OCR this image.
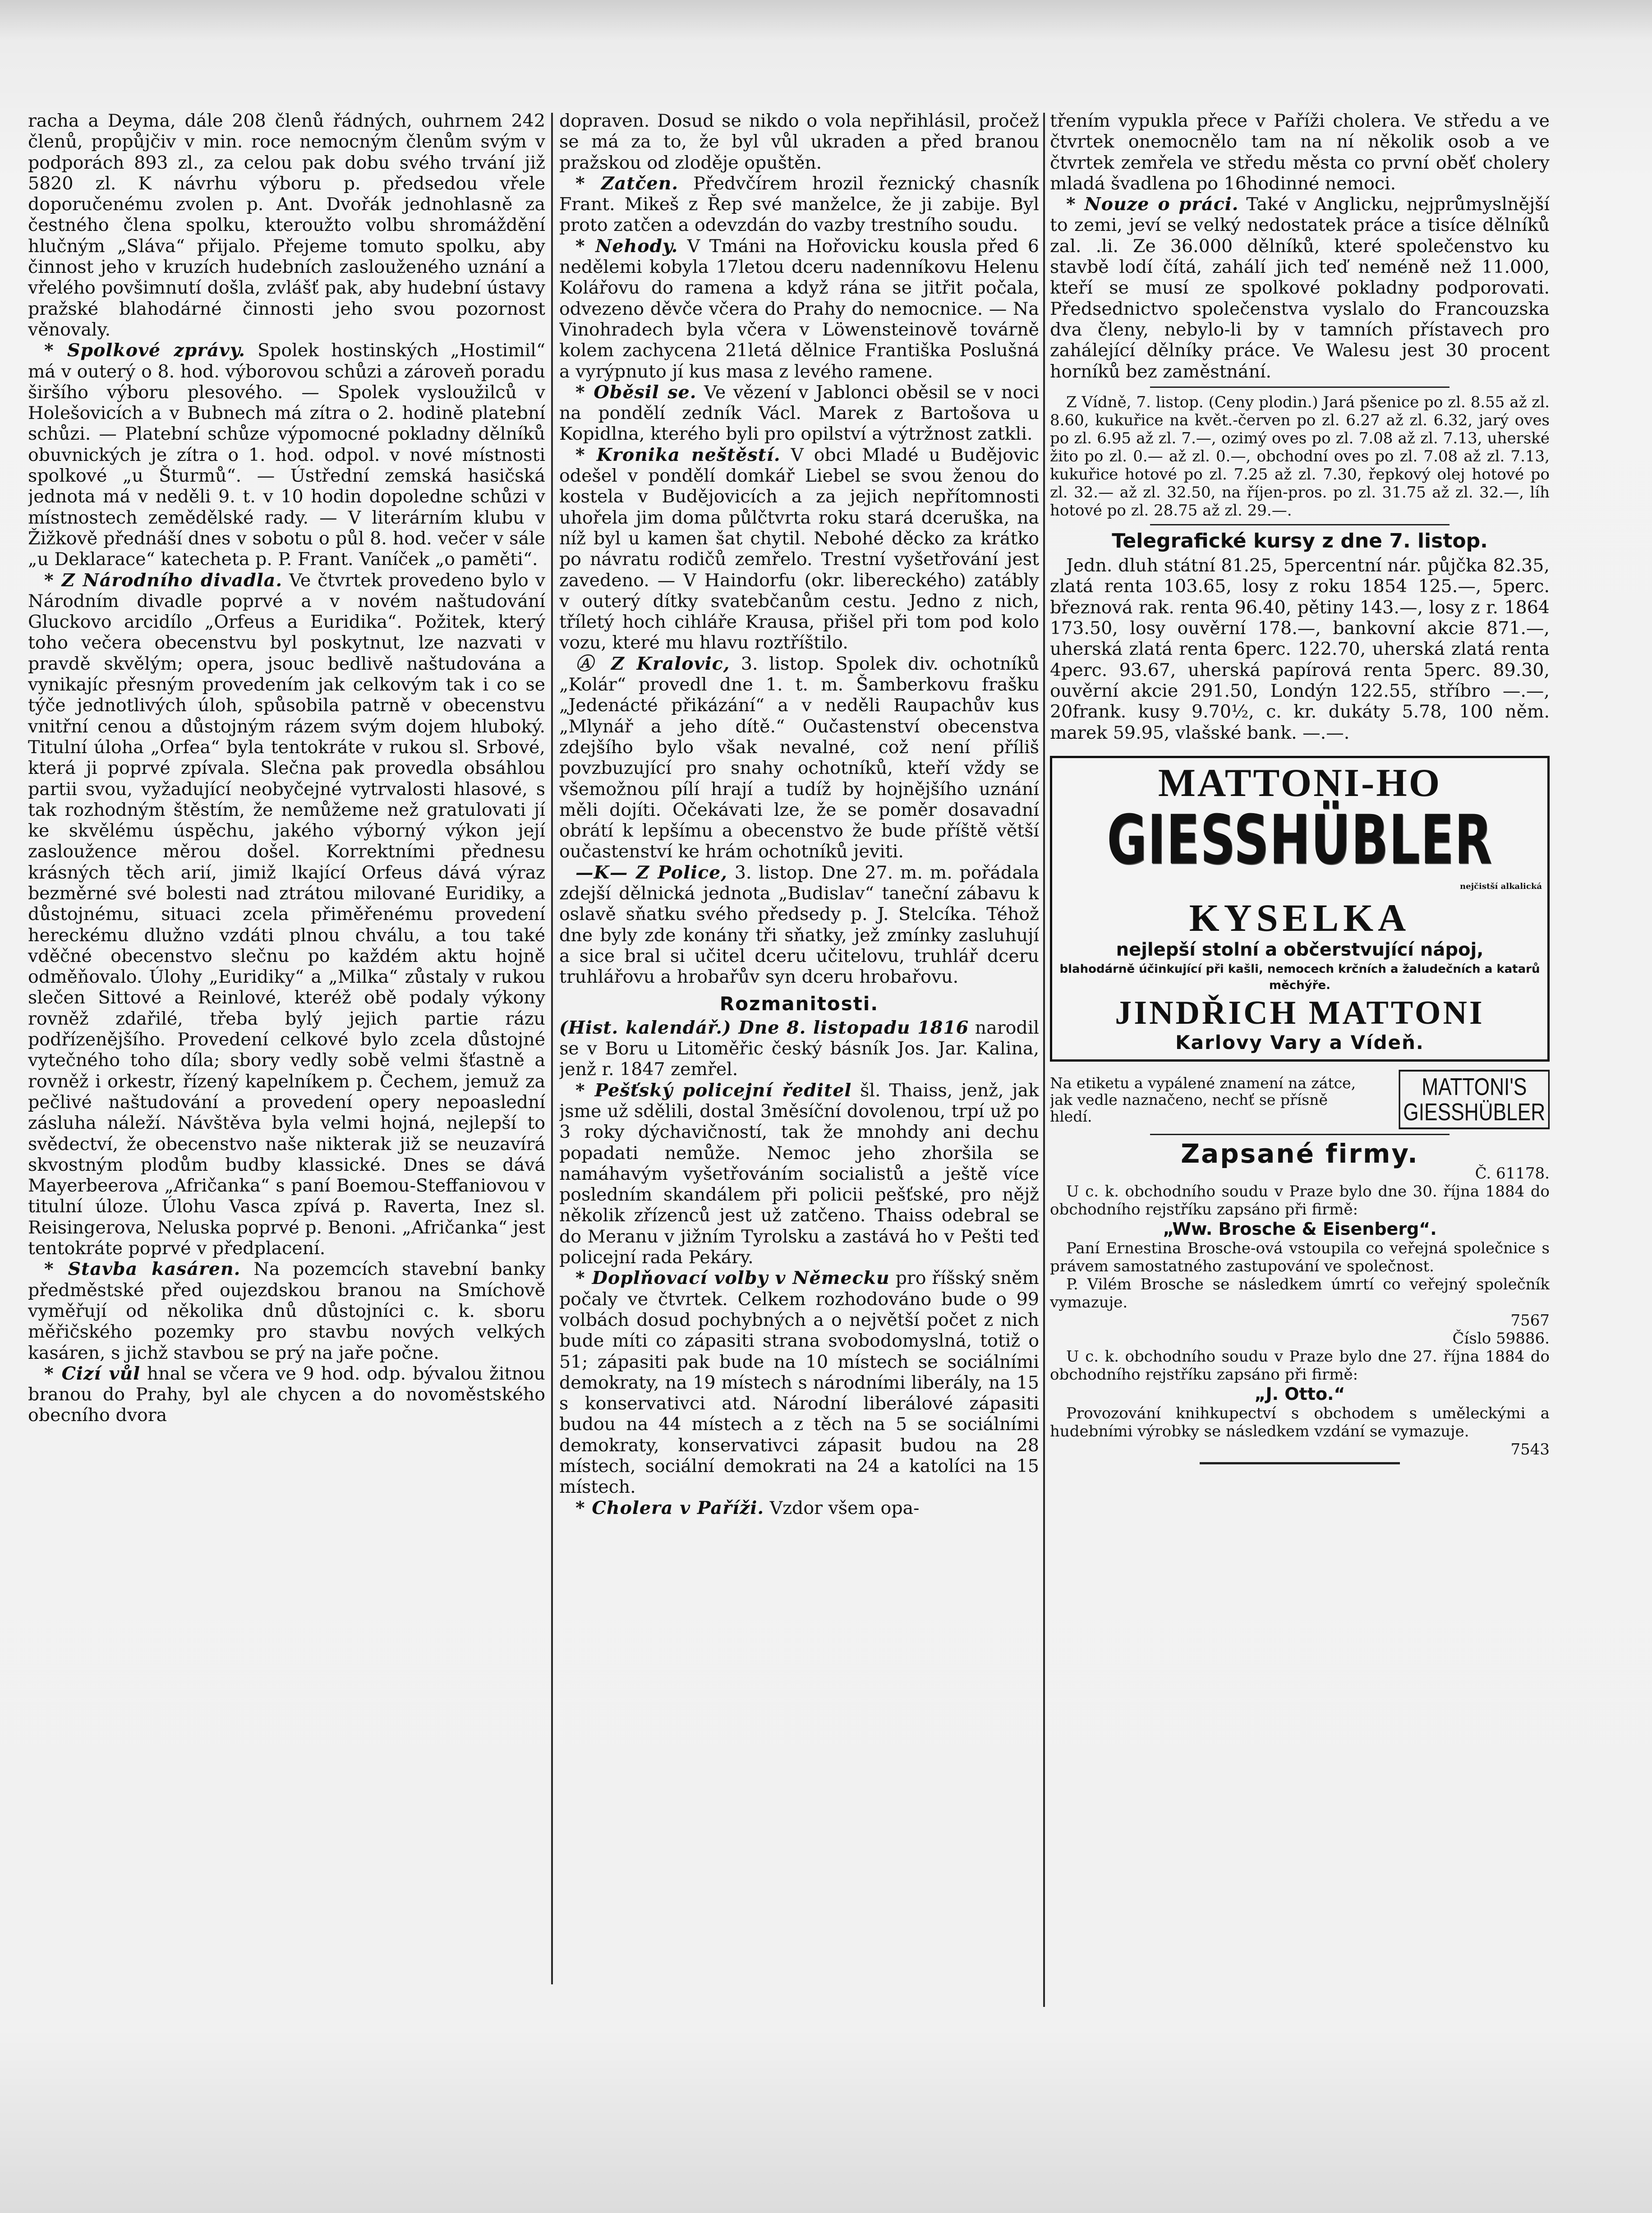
racha a Deyma, dále 208 členů řádných, ouhrnem 242 členů, propůjčiv v min. roce nemocným členům svým v podporách 893 zl., za celou pak dobu svého trvání již 5820 zl. K návrhu výboru p. předsedou vřele doporučenému zvolen p. Ant. Dvořák jednohlasně za čestného člena spolku, kteroužto volbu shromáždění hlučným „Sláva“ přijalo. Přejeme tomuto spolku, aby činnost jeho v kruzích hudebních zaslouženého uznání a vřelého povšimnutí došla, zvlášť pak, aby hudební ústavy pražské blahodárné činnosti jeho svou pozornost věnovaly.

* Spolkové zprávy. Spolek hostinských „Hostimil“ má v outerý o 8. hod. výborovou schůzi a zároveň poradu širšího výboru plesového. — Spolek vysloužilců v Holešovicích a v Bubnech má zítra o 2. hodině platební schůzi. — Platební schůze výpomocné pokladny dělníků obuvnických je zítra o 1. hod. odpol. v nové místnosti spolkové „u Šturmů“. — Ústřední zemská hasičská jednota má v neděli 9. t. v 10 hodin dopoledne schůzi v místnostech zemědělské rady. — V literárním klubu v Žižkově přednáší dnes v sobotu o půl 8. hod. večer v sále „u Deklarace“ katecheta p. P. Frant. Vaníček „o paměti“.

* Z Národního divadla. Ve čtvrtek provedeno bylo v Národním divadle poprvé a v novém naštudování Gluckovo arcidílo „Orfeus a Euridika“. Požitek, který toho večera obecenstvu byl poskytnut, lze nazvati v pravdě skvělým; opera, jsouc bedlivě naštudována a vynikajíc přesným provedením jak celkovým tak i co se týče jednotlivých úloh, spůsobila patrně v obecenstvu vnitřní cenou a důstojným rázem svým dojem hluboký. Titulní úloha „Orfea“ byla tentokráte v rukou sl. Srbové, která ji poprvé zpívala. Slečna pak provedla obsáhlou partii svou, vyžadující neobyčejné vytrvalosti hlasové, s tak rozhodným štěstím, že nemůžeme než gratulovati jí ke skvělému úspěchu, jakého výborný výkon její zasloužence měrou došel. Korrektními přednesu krásných těch arií, jimiž lkající Orfeus dává výraz bezměrné své bolesti nad ztrátou milované Euridiky, a důstojnému, situaci zcela přiměřenému provedení hereckému dlužno vzdáti plnou chválu, a tou také vděčné obecenstvo slečnu po každém aktu hojně odměňovalo. Úlohy „Euridiky“ a „Milka“ zůstaly v rukou slečen Sittové a Reinlové, kteréž obě podaly výkony rovněž zdařilé, třeba bylý jejich partie rázu podřízenějšího. Provedení celkové bylo zcela důstojné vytečného toho díla; sbory vedly sobě velmi šťastně a rovněž i orkestr, řízený kapelníkem p. Čechem, jemuž za pečlivé naštudování a provedení opery nepoaslední zásluha náleží. Návštěva byla velmi hojná, nejlepší to svědectví, že obecenstvo naše nikterak již se neuzavírá skvostným plodům budby klassické. Dnes se dává Mayerbeerova „Afričanka“ s paní Boemou-Steffaniovou v titulní úloze. Úlohu Vasca zpívá p. Raverta, Inez sl. Reisingerova, Neluska poprvé p. Benoni. „Afričanka“ jest tentokráte poprvé v předplacení.

* Stavba kasáren. Na pozemcích stavební banky předměstské před oujezdskou branou na Smíchově vyměřují od několika dnů důstojníci c. k. sboru měřičského pozemky pro stavbu nových velkých kasáren, s jichž stavbou se prý na jaře počne.

* Cizí vůl hnal se včera ve 9 hod. odp. bývalou žitnou branou do Prahy, byl ale chycen a do novoměstského obecního dvora

dopraven. Dosud se nikdo o vola nepřihlásil, pročež se má za to, že byl vůl ukraden a před branou pražskou od zloděje opuštěn.

* Zatčen. Předvčírem hrozil řeznický chasník Frant. Mikeš z Řep své manželce, že ji zabije. Byl proto zatčen a odevzdán do vazby trestního soudu.

* Nehody. V Tmáni na Hořovicku kousla před 6 nedělemi kobyla 17letou dceru nadenníkovu Helenu Kolářovu do ramena a když rána se jitřit počala, odvezeno děvče včera do Prahy do nemocnice. — Na Vinohradech byla včera v Löwensteinově továrně kolem zachycena 21letá dělnice Františka Poslušná a vyrýpnuto jí kus masa z levého ramene.

* Oběsil se. Ve vězení v Jablonci oběsil se v noci na pondělí zedník Václ. Marek z Bartošova u Kopidlna, kterého byli pro opilství a výtržnost zatkli.

* Kronika neštěstí. V obci Mladé u Budějovic odešel v pondělí domkář Liebel se svou ženou do kostela v Budějovicích a za jejich nepřítomnosti uhořela jim doma půlčtvrta roku stará dceruška, na níž byl u kamen šat chytil. Nebohé děcko za krátko po návratu rodičů zemřelo. Trestní vyšetřování jest zavedeno. — V Haindorfu (okr. libereckého) zatábly v outerý dítky svatebčanům cestu. Jedno z nich, tříletý hoch cihláře Krausa, přišel při tom pod kolo vozu, které mu hlavu roztříštilo.

Ⓐ Z Kralovic, 3. listop. Spolek div. ochotníků „Kolár“ provedl dne 1. t. m. Šamberkovu frašku „Jedenácté přikázání“ a v neděli Raupachův kus „Mlynář a jeho dítě.“ Oučastenství obecenstva zdejšího bylo však nevalné, což není příliš povzbuzující pro snahy ochotníků, kteří vždy se všemožnou pílí hrají a tudíž by hojnějšího uznání měli dojíti. Očekávati lze, že se poměr dosavadní obrátí k lepšímu a obecenstvo že bude příště větší oučastenství ke hrám ochotníků jeviti.

—K— Z Police, 3. listop. Dne 27. m. m. pořádala zdejší dělnická jednota „Budislav“ taneční zábavu k oslavě sňatku svého předsedy p. J. Stelcíka. Téhož dne byly zde konány tři sňatky, jež zmínky zasluhují a sice bral si učitel dceru učitelovu, truhlář dceru truhlářovu a hrobařův syn dceru hrobařovu.

Rozmanitosti.

(Hist. kalendář.) Dne 8. listopadu 1816 narodil se v Boru u Litoměřic český básník Jos. Jar. Kalina, jenž r. 1847 zemřel.

* Pešťský policejní ředitel šl. Thaiss, jenž, jak jsme už sdělili, dostal 3měsíční dovolenou, trpí už po 3 roky dýchavičností, tak že mnohdy ani dechu popadati nemůže. Nemoc jeho zhoršila se namáhavým vyšetřováním socialistů a ještě více posledním skandálem při policii pešťské, pro nějž několik zřízenců jest už zatčeno. Thaiss odebral se do Meranu v jižním Tyrolsku a zastává ho v Pešti teď policejní rada Pekáry.

* Doplňovací volby v Německu pro říšský sněm počaly ve čtvrtek. Celkem rozhodováno bude o 99 volbách dosud pochybných a o největší počet z nich bude míti co zápasiti strana svobodomyslná, totiž o 51; zápasiti pak bude na 10 místech se sociálními demokraty, na 19 místech s národními liberály, na 15 s konservativci atd. Národní liberálové zápasiti budou na 44 místech a z těch na 5 se sociálními demokraty, konservativci zápasit budou na 28 místech, sociální demokrati na 24 a katolíci na 15 místech.

* Cholera v Paříži. Vzdor všem opa-

třením vypukla přece v Paříži cholera. Ve středu a ve čtvrtek onemocnělo tam na ní několik osob a ve čtvrtek zemřela ve středu města co první oběť cholery mladá švadlena po 16hodinné nemoci.

* Nouze o práci. Také v Anglicku, nejprůmyslnější to zemi, jeví se velký nedostatek práce a tisíce dělníků zal. .li. Ze 36.000 dělníků, které společenstvo ku stavbě lodí čítá, zahálí jich teď neméně než 11.000, kteří se musí ze spolkové pokladny podporovati. Předsednictvo společenstva vyslalo do Francouzska dva členy, nebylo-li by v tamních přístavech pro zahálející dělníky práce. Ve Walesu jest 30 procent horníků bez zaměstnání.

Z Vídně, 7. listop. (Ceny plodin.) Jará pšenice po zl. 8.55 až zl. 8.60, kukuřice na květ.-červen po zl. 6.27 až zl. 6.32, jarý oves po zl. 6.95 až zl. 7.—, ozimý oves po zl. 7.08 až zl. 7.13, uherské žito po zl. 0.— až zl. 0.—, obchodní oves po zl. 7.08 až zl. 7.13, kukuřice hotové po zl. 7.25 až zl. 7.30, řepkový olej hotové po zl. 32.— až zl. 32.50, na říjen-pros. po zl. 31.75 až zl. 32.—, líh hotové po zl. 28.75 až zl. 29.—.

Telegrafické kursy z dne 7. listop.

Jedn. dluh státní 81.25, 5percentní nár. půjčka 82.35, zlatá renta 103.65, losy z roku 1854 125.—, 5perc. březnová rak. renta 96.40, pětiny 143.—, losy z r. 1864 173.50, losy ouvěrní 178.—, bankovní akcie 871.—, uherská zlatá renta 6perc. 122.70, uherská zlatá renta 4perc. 93.67, uherská papírová renta 5perc. 89.30, ouvěrní akcie 291.50, Londýn 122.55, stříbro —.—, 20frank. kusy 9.70½, c. kr. dukáty 5.78, 100 něm. marek 59.95, vlašské bank. —.—.

MATTONI-HO
GIESSHÜBLER
nejčistší alkalická
KYSELKA
nejlepší stolní a občerstvující nápoj,
blahodárně účinkující při kašli, nemocech krčních a žaludečních a katarů měchýře.
JINDŘICH MATTONI
Karlovy Vary a Vídeň.
Na etiketu a vypálené znamení na zátce, jak vedle naznačeno, nechť se přísně hledí.
MATTONI'S
GIESSHÜBLER
Zapsané firmy.

Č. 61178.

U c. k. obchodního soudu v Praze bylo dne 30. října 1884 do obchodního rejstříku zapsáno při firmě:

„Ww. Brosche & Eisenberg“.

Paní Ernestina Brosche-ová vstoupila co veřejná společnice s právem samostatného zastupování ve společnost.

P. Vilém Brosche se následkem úmrtí co veřejný společník vymazuje.

7567

Číslo 59886.

U c. k. obchodního soudu v Praze bylo dne 27. října 1884 do obchodního rejstříku zapsáno při firmě:

„J. Otto.“

Provozování knihkupectví s obchodem s uměleckými a hudebními výrobky se následkem vzdání se vymazuje.

7543
